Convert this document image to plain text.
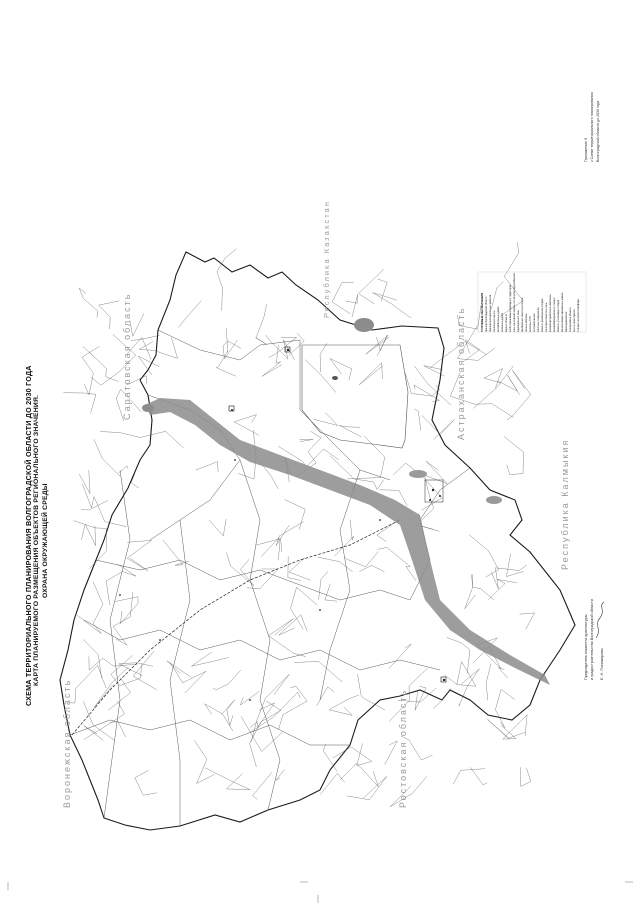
СХЕМА ТЕРРИТОРИАЛЬНОГО ПЛАНИРОВАНИЯ ВОЛГОГРАДСКОЙ ОБЛАСТИ ДО 2030 ГОДА КАРТА ПЛАНИРУЕМОГО РАЗМЕЩЕНИЯ ОБЪЕКТОВ РЕГИОНАЛЬНОГО ЗНАЧЕНИЯ. ОХРАНА ОКРУЖАЮЩЕЙ СРЕДЫ
Воронежская область
Саратовская область
Республика Казахстан
Астраханская область
Республика Калмыкия
Ростовская область
Приложение 9 к Схеме территориального планирования Волгоградской области до 2030 года
Председатель комитета архитектуры и градостроительства Волгоградской области Е. Н. Пономарева
УСЛОВНЫЕ ОБОЗНАЧЕНИЯ граница Волгоградской области граница муниципальных районов населенные пункты автомобильные дороги железные дороги водные объекты особо охраняемые природные территории зоны санитарной охраны источников водоснабжения водоохранные зоны прибрежные защитные полосы лесные массивы полигоны ТБО скотомогильники очистные сооружения объекты размещения отходов санитарно-защитные зоны мусоросортировочные комплексы мусороперегрузочные станции объекты утилизации отходов рекультивация нарушенных земель берегоукрепление планируемые объекты пункты мониторинга станции контроля атмосферы
